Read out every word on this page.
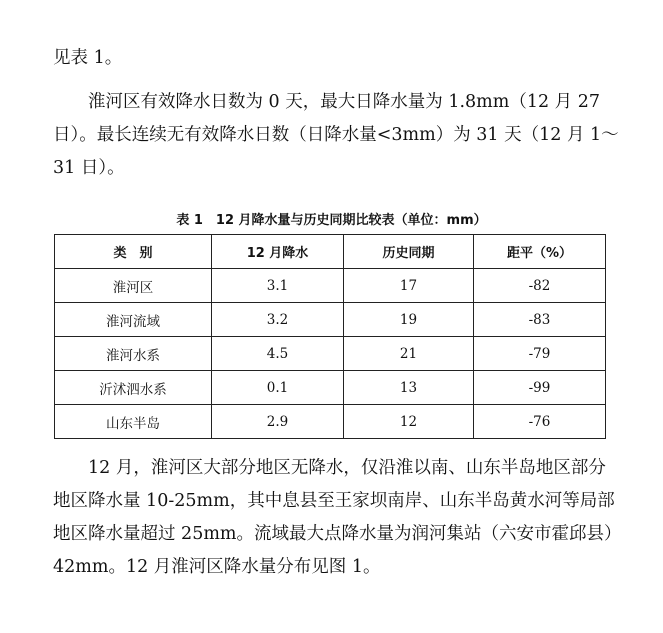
见表 1。

淮河区有效降水日数为 0 天，最大日降水量为 1.8mm（12 月 27 日）。最长连续无有效降水日数（日降水量<3mm）为 31 天（12 月 1～31 日）。

表 1　12 月降水量与历史同期比较表（单位：mm）
类　别	12 月降水	历史同期	距平（%）
淮河区	3.1	17	-82
淮河流域	3.2	19	-83
淮河水系	4.5	21	-79
沂沭泗水系	0.1	13	-99
山东半岛	2.9	12	-76

12 月，淮河区大部分地区无降水，仅沿淮以南、山东半岛地区部分地区降水量 10-25mm，其中息县至王家坝南岸、山东半岛黄水河等局部地区降水量超过 25mm。流域最大点降水量为润河集站（六安市霍邱县）42mm。12 月淮河区降水量分布见图 1。
